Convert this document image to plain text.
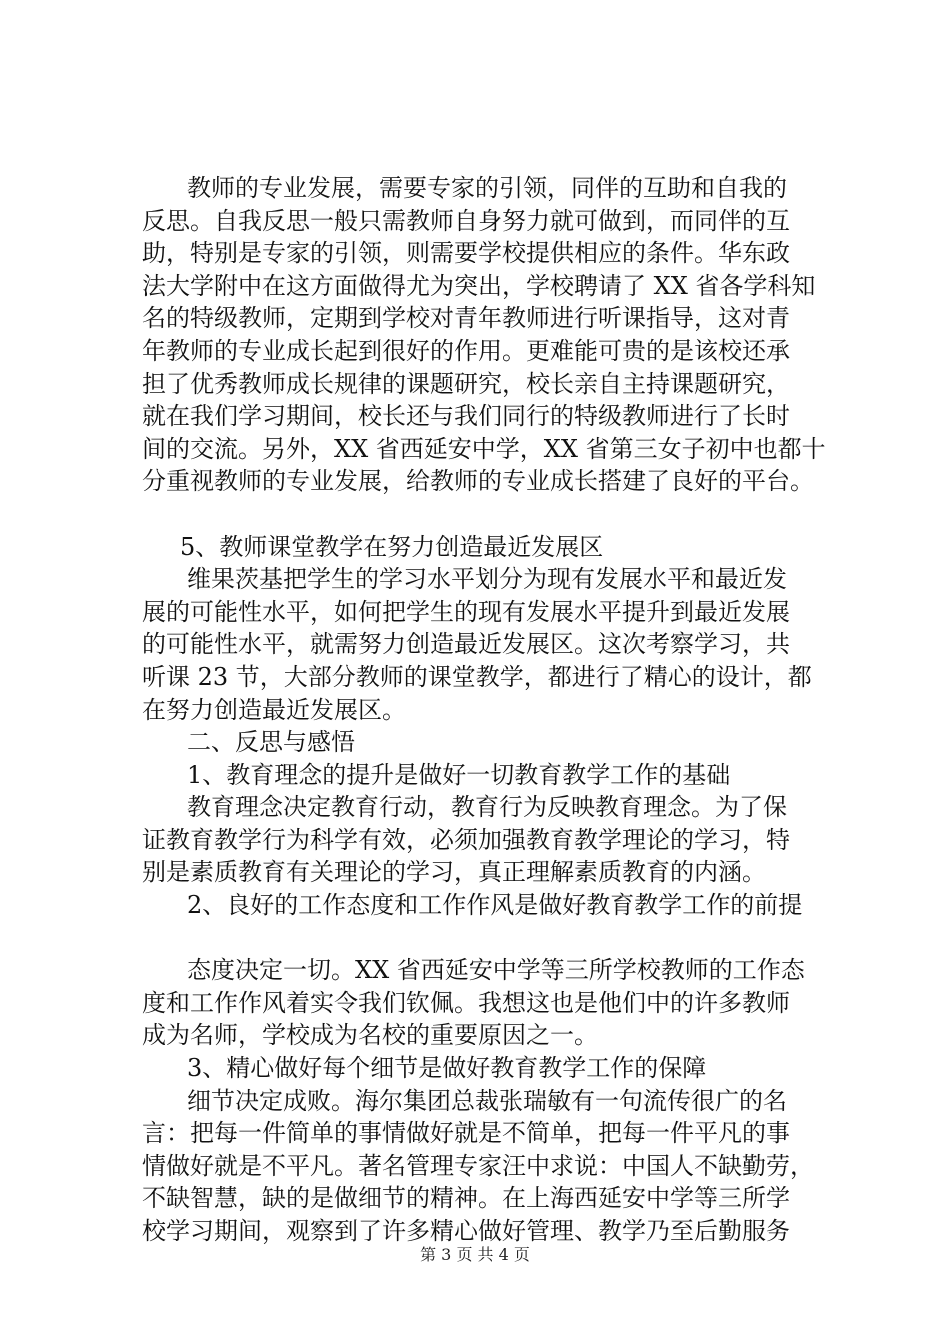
教师的专业发展，需要专家的引领，同伴的互助和自我的
反思。自我反思一般只需教师自身努力就可做到，而同伴的互
助，特别是专家的引领，则需要学校提供相应的条件。华东政
法大学附中在这方面做得尤为突出，学校聘请了 XX 省各学科知
名的特级教师，定期到学校对青年教师进行听课指导，这对青
年教师的专业成长起到很好的作用。更难能可贵的是该校还承
担了优秀教师成长规律的课题研究，校长亲自主持课题研究，
就在我们学习期间，校长还与我们同行的特级教师进行了长时
间的交流。另外，XX 省西延安中学，XX 省第三女子初中也都十
分重视教师的专业发展，给教师的专业成长搭建了良好的平台。
5、教师课堂教学在努力创造最近发展区
维果茨基把学生的学习水平划分为现有发展水平和最近发
展的可能性水平，如何把学生的现有发展水平提升到最近发展
的可能性水平，就需努力创造最近发展区。这次考察学习，共
听课 23 节，大部分教师的课堂教学，都进行了精心的设计，都
在努力创造最近发展区。
二、反思与感悟
1、教育理念的提升是做好一切教育教学工作的基础
教育理念决定教育行动，教育行为反映教育理念。为了保
证教育教学行为科学有效，必须加强教育教学理论的学习，特
别是素质教育有关理论的学习，真正理解素质教育的内涵。
2、良好的工作态度和工作作风是做好教育教学工作的前提
态度决定一切。XX 省西延安中学等三所学校教师的工作态
度和工作作风着实令我们钦佩。我想这也是他们中的许多教师
成为名师，学校成为名校的重要原因之一。
3、精心做好每个细节是做好教育教学工作的保障
细节决定成败。海尔集团总裁张瑞敏有一句流传很广的名
言：把每一件简单的事情做好就是不简单，把每一件平凡的事
情做好就是不平凡。著名管理专家汪中求说：中国人不缺勤劳，
不缺智慧，缺的是做细节的精神。在上海西延安中学等三所学
校学习期间，观察到了许多精心做好管理、教学乃至后勤服务
第 3 页 共 4 页
